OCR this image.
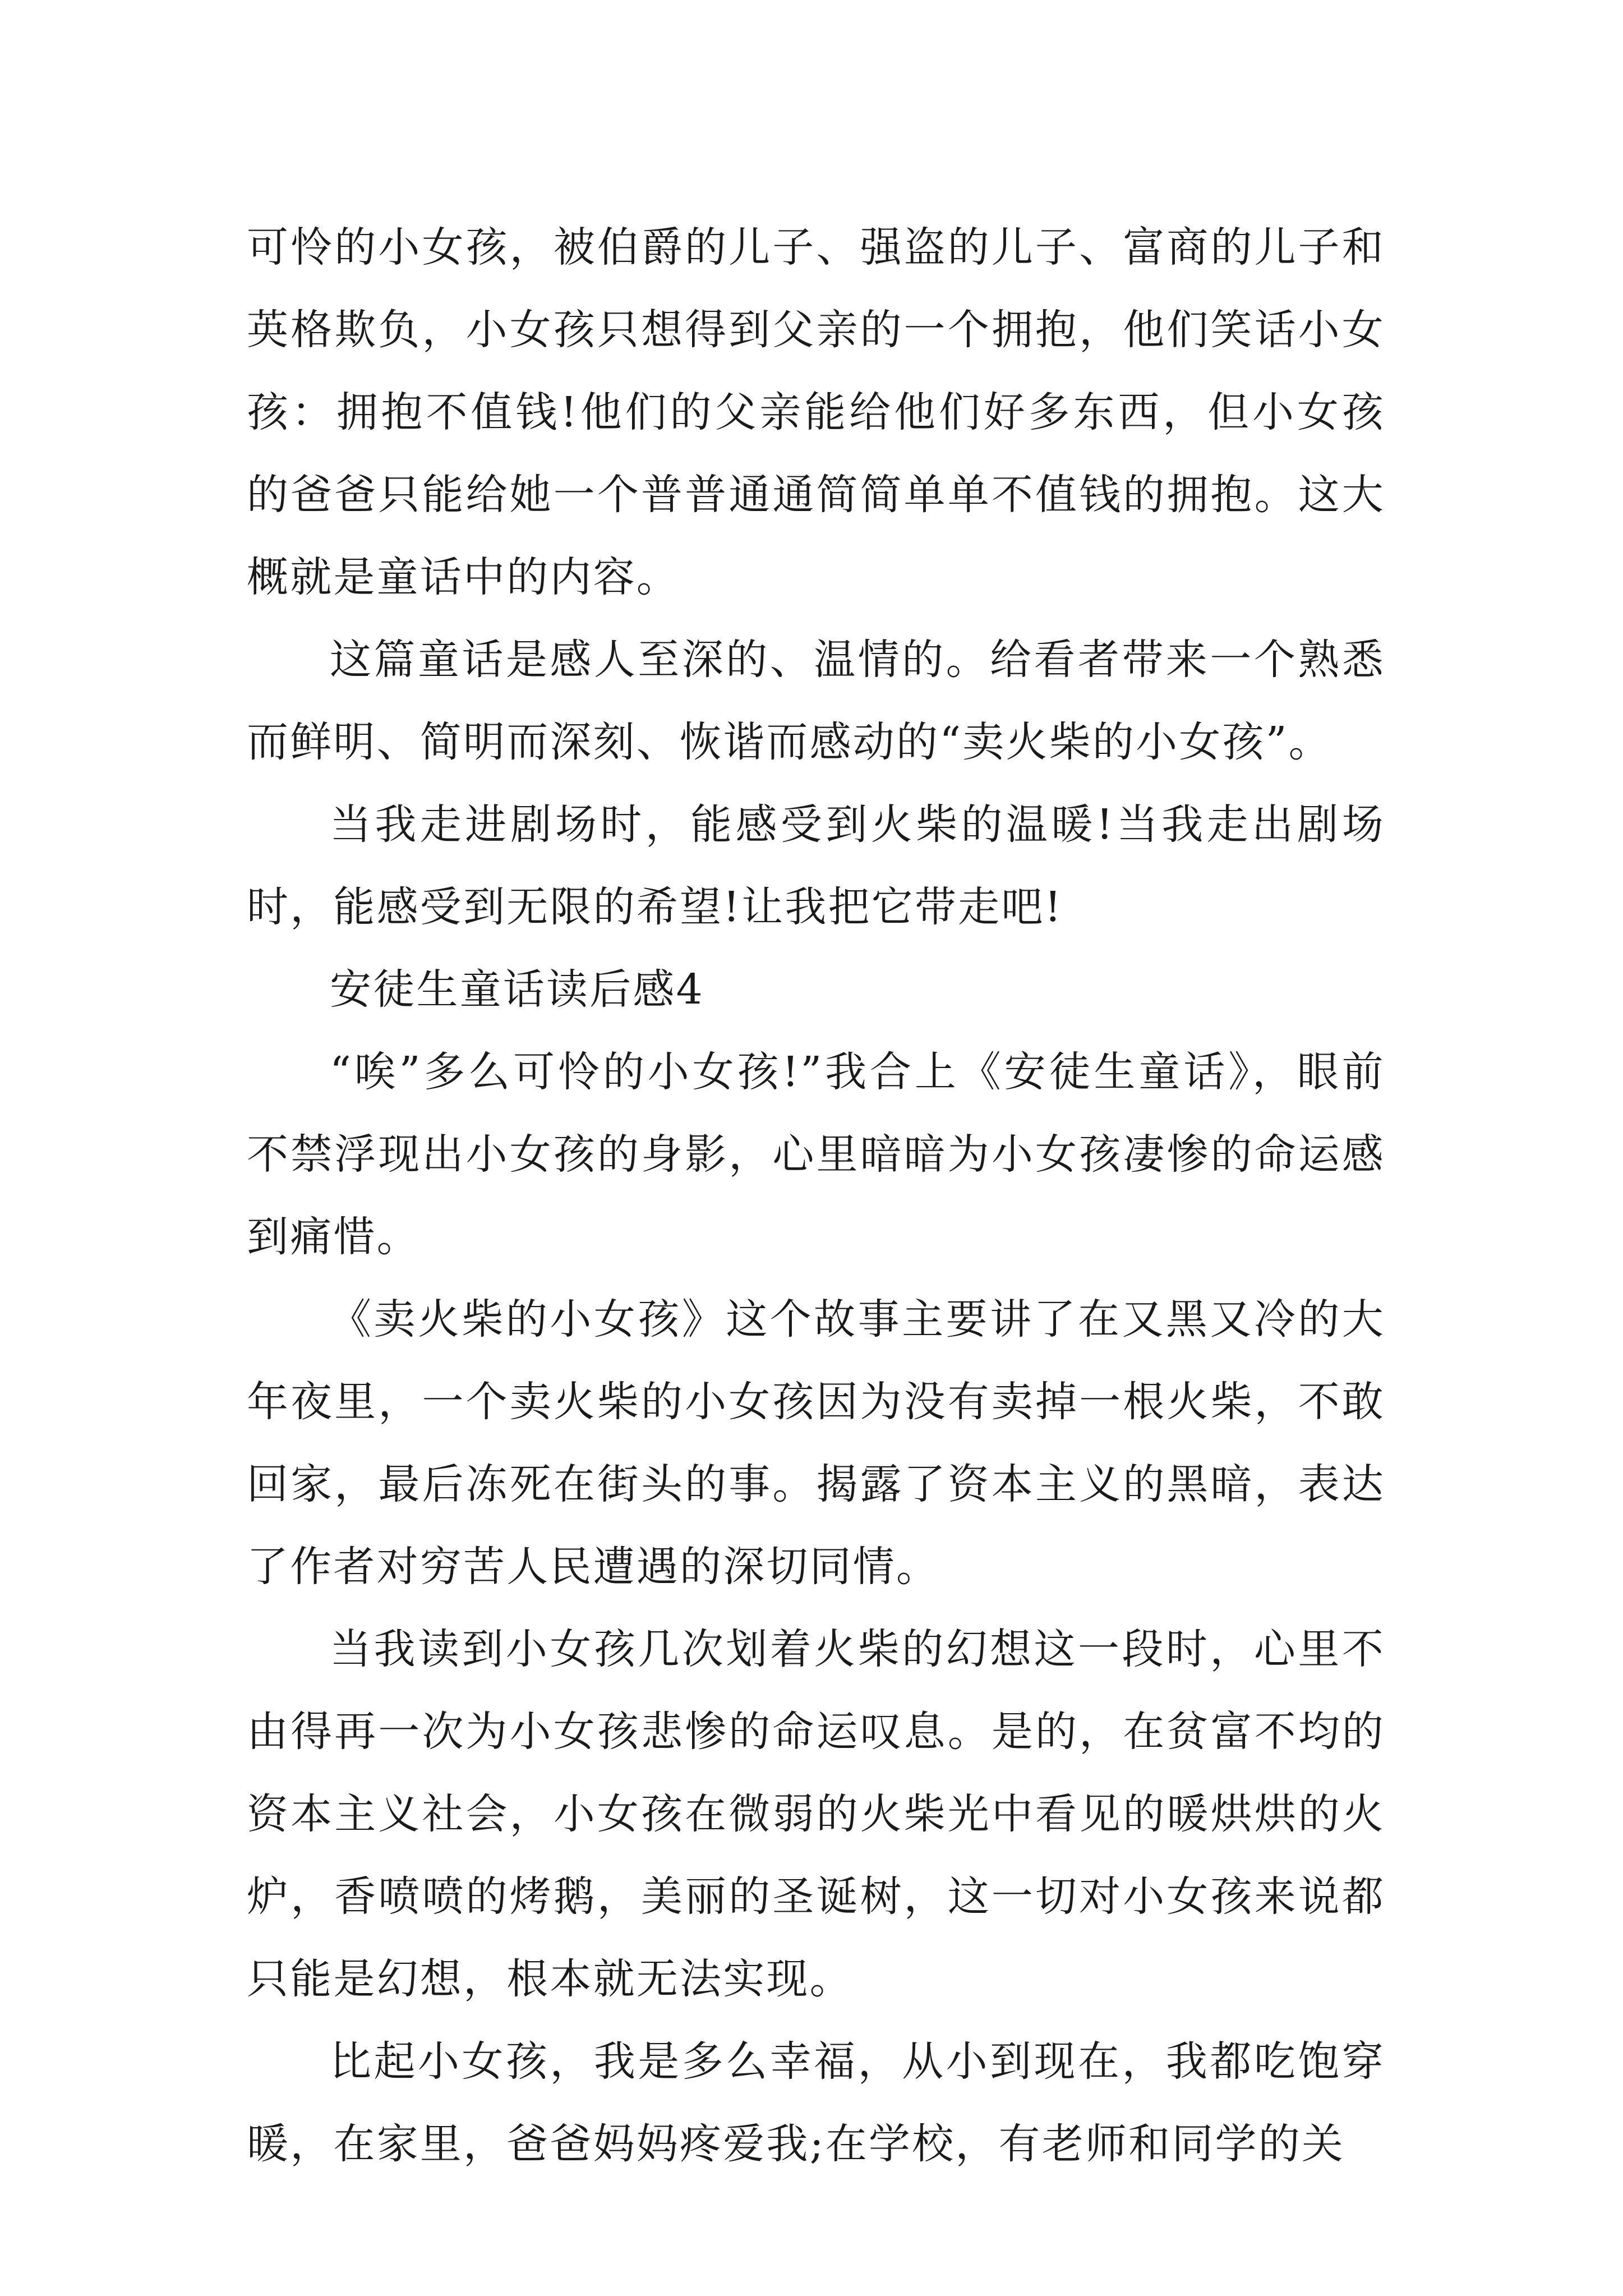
可怜的小女孩，被伯爵的儿子、强盗的儿子、富商的儿子和英格欺负，小女孩只想得到父亲的一个拥抱，他们笑话小女孩：拥抱不值钱!他们的父亲能给他们好多东西，但小女孩的爸爸只能给她一个普普通通简简单单不值钱的拥抱。这大概就是童话中的内容。

这篇童话是感人至深的、温情的。给看者带来一个熟悉而鲜明、简明而深刻、恢谐而感动的“卖火柴的小女孩”。

当我走进剧场时，能感受到火柴的温暖!当我走出剧场时，能感受到无限的希望!让我把它带走吧!

安徒生童话读后感4

“唉”多么可怜的小女孩!”我合上《安徒生童话》，眼前不禁浮现出小女孩的身影，心里暗暗为小女孩凄惨的命运感到痛惜。

《卖火柴的小女孩》这个故事主要讲了在又黑又冷的大年夜里，一个卖火柴的小女孩因为没有卖掉一根火柴，不敢回家，最后冻死在街头的事。揭露了资本主义的黑暗，表达了作者对穷苦人民遭遇的深切同情。

当我读到小女孩几次划着火柴的幻想这一段时，心里不由得再一次为小女孩悲惨的命运叹息。是的，在贫富不均的资本主义社会，小女孩在微弱的火柴光中看见的暖烘烘的火炉，香喷喷的烤鹅，美丽的圣诞树，这一切对小女孩来说都只能是幻想，根本就无法实现。

比起小女孩，我是多么幸福，从小到现在，我都吃饱穿暖，在家里，爸爸妈妈疼爱我;在学校，有老师和同学的关
